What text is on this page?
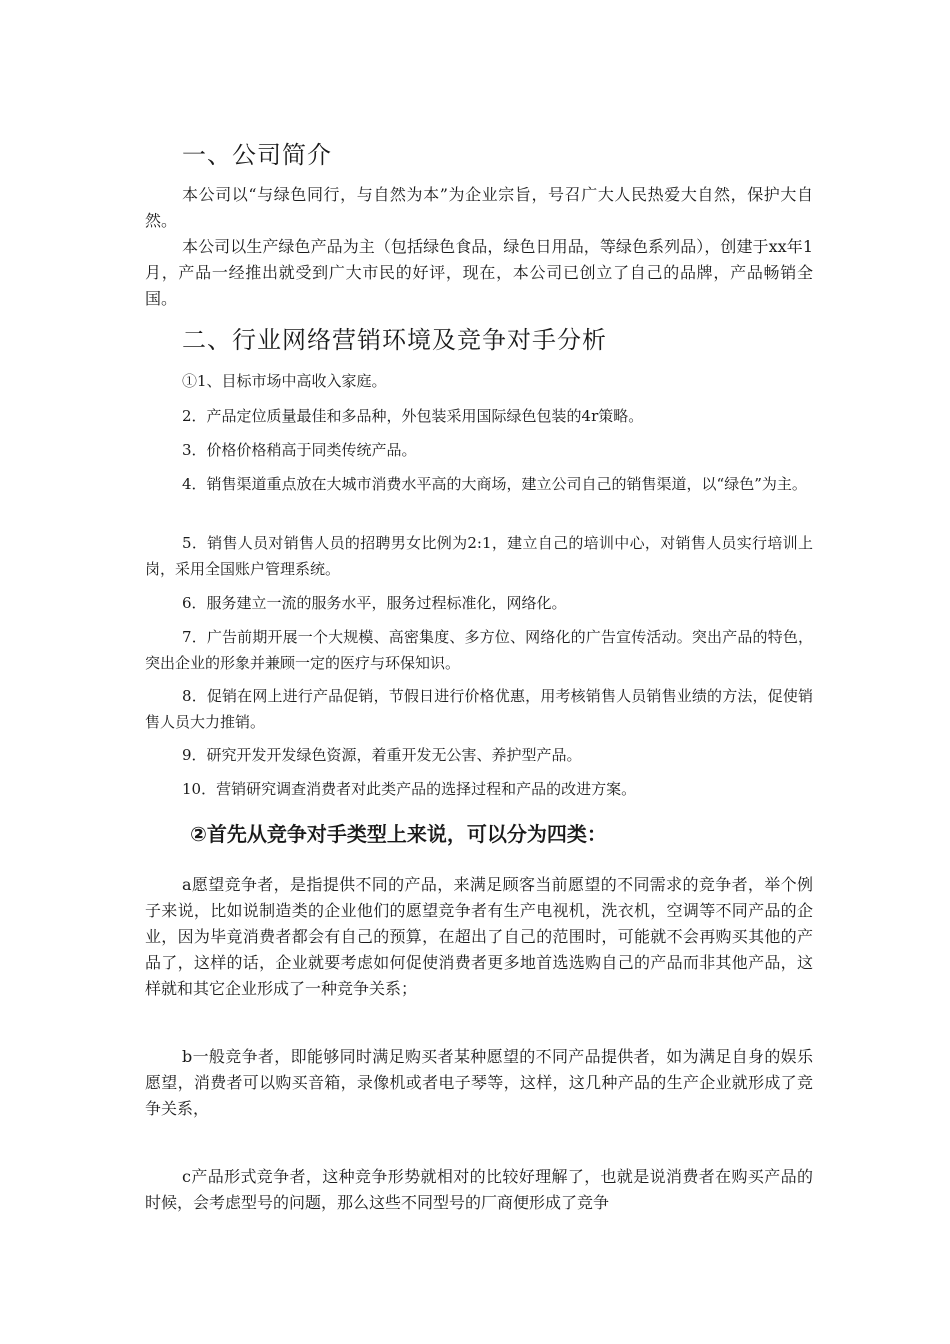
一、公司简介

本公司以“与绿色同行，与自然为本”为企业宗旨，号召广大人民热爱大自然，保护大自然。

本公司以生产绿色产品为主（包括绿色食品，绿色日用品，等绿色系列品），创建于xx年1月，产品一经推出就受到广大市民的好评，现在，本公司已创立了自己的品牌，产品畅销全国。

二、行业网络营销环境及竞争对手分析

①1、目标市场中高收入家庭。

2．产品定位质量最佳和多品种，外包装采用国际绿色包装的4r策略。

3．价格价格稍高于同类传统产品。

4．销售渠道重点放在大城市消费水平高的大商场，建立公司自己的销售渠道，以“绿色”为主。

5．销售人员对销售人员的招聘男女比例为2:1，建立自己的培训中心，对销售人员实行培训上岗，采用全国账户管理系统。

6．服务建立一流的服务水平，服务过程标准化，网络化。

7．广告前期开展一个大规模、高密集度、多方位、网络化的广告宣传活动。突出产品的特色，突出企业的形象并兼顾一定的医疗与环保知识。

8．促销在网上进行产品促销，节假日进行价格优惠，用考核销售人员销售业绩的方法，促使销售人员大力推销。

9．研究开发开发绿色资源，着重开发无公害、养护型产品。

10．营销研究调查消费者对此类产品的选择过程和产品的改进方案。

②首先从竞争对手类型上来说，可以分为四类：

a愿望竞争者，是指提供不同的产品，来满足顾客当前愿望的不同需求的竞争者，举个例子来说，比如说制造类的企业他们的愿望竞争者有生产电视机，洗衣机，空调等不同产品的企业，因为毕竟消费者都会有自己的预算，在超出了自己的范围时，可能就不会再购买其他的产品了，这样的话，企业就要考虑如何促使消费者更多地首选选购自己的产品而非其他产品，这样就和其它企业形成了一种竞争关系；

b一般竞争者，即能够同时满足购买者某种愿望的不同产品提供者，如为满足自身的娱乐愿望，消费者可以购买音箱，录像机或者电子琴等，这样，这几种产品的生产企业就形成了竞争关系，

c产品形式竞争者，这种竞争形势就相对的比较好理解了，也就是说消费者在购买产品的时候，会考虑型号的问题，那么这些不同型号的厂商便形成了竞争
